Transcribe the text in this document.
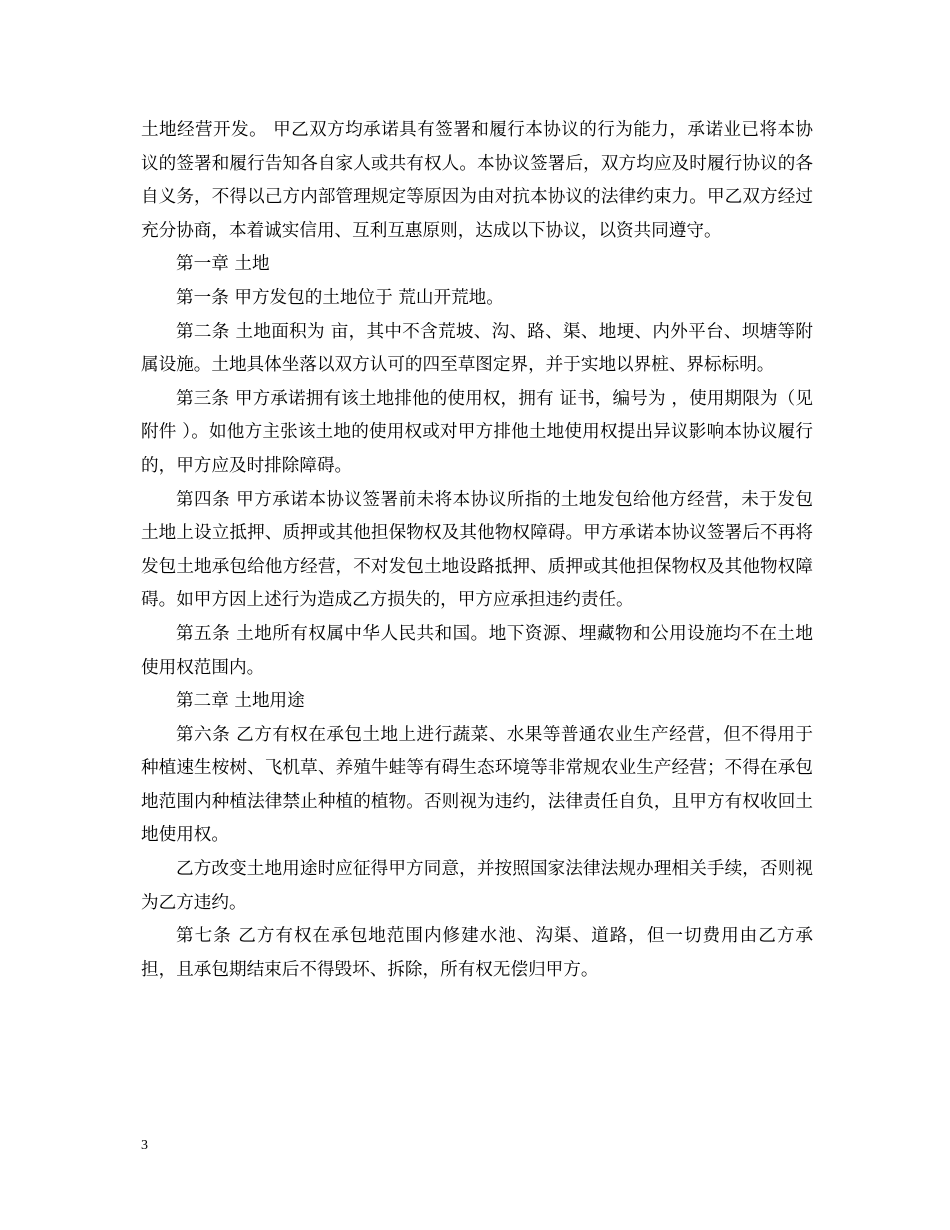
土地经营开发。 甲乙双方均承诺具有签署和履行本协议的行为能力，承诺业已将本协议的签署和履行告知各自家人或共有权人。本协议签署后，双方均应及时履行协议的各自义务，不得以己方内部管理规定等原因为由对抗本协议的法律约束力。甲乙双方经过充分协商，本着诚实信用、互利互惠原则，达成以下协议，以资共同遵守。

第一章 土地

第一条 甲方发包的土地位于 荒山开荒地。

第二条 土地面积为 亩，其中不含荒坡、沟、路、渠、地埂、内外平台、坝塘等附属设施。土地具体坐落以双方认可的四至草图定界，并于实地以界桩、界标标明。

第三条 甲方承诺拥有该土地排他的使用权，拥有 证书，编号为 ，使用期限为（见附件 ）。如他方主张该土地的使用权或对甲方排他土地使用权提出异议影响本协议履行的，甲方应及时排除障碍。

第四条 甲方承诺本协议签署前未将本协议所指的土地发包给他方经营，未于发包土地上设立抵押、质押或其他担保物权及其他物权障碍。甲方承诺本协议签署后不再将发包土地承包给他方经营，不对发包土地设路抵押、质押或其他担保物权及其他物权障碍。如甲方因上述行为造成乙方损失的，甲方应承担违约责任。

第五条 土地所有权属中华人民共和国。地下资源、埋藏物和公用设施均不在土地使用权范围内。

第二章 土地用途

第六条 乙方有权在承包土地上进行蔬菜、水果等普通农业生产经营，但不得用于种植速生桉树、飞机草、养殖牛蛙等有碍生态环境等非常规农业生产经营；不得在承包地范围内种植法律禁止种植的植物。否则视为违约，法律责任自负，且甲方有权收回土地使用权。

乙方改变土地用途时应征得甲方同意，并按照国家法律法规办理相关手续，否则视为乙方违约。

第七条 乙方有权在承包地范围内修建水池、沟渠、道路，但一切费用由乙方承担，且承包期结束后不得毁坏、拆除，所有权无偿归甲方。

3
